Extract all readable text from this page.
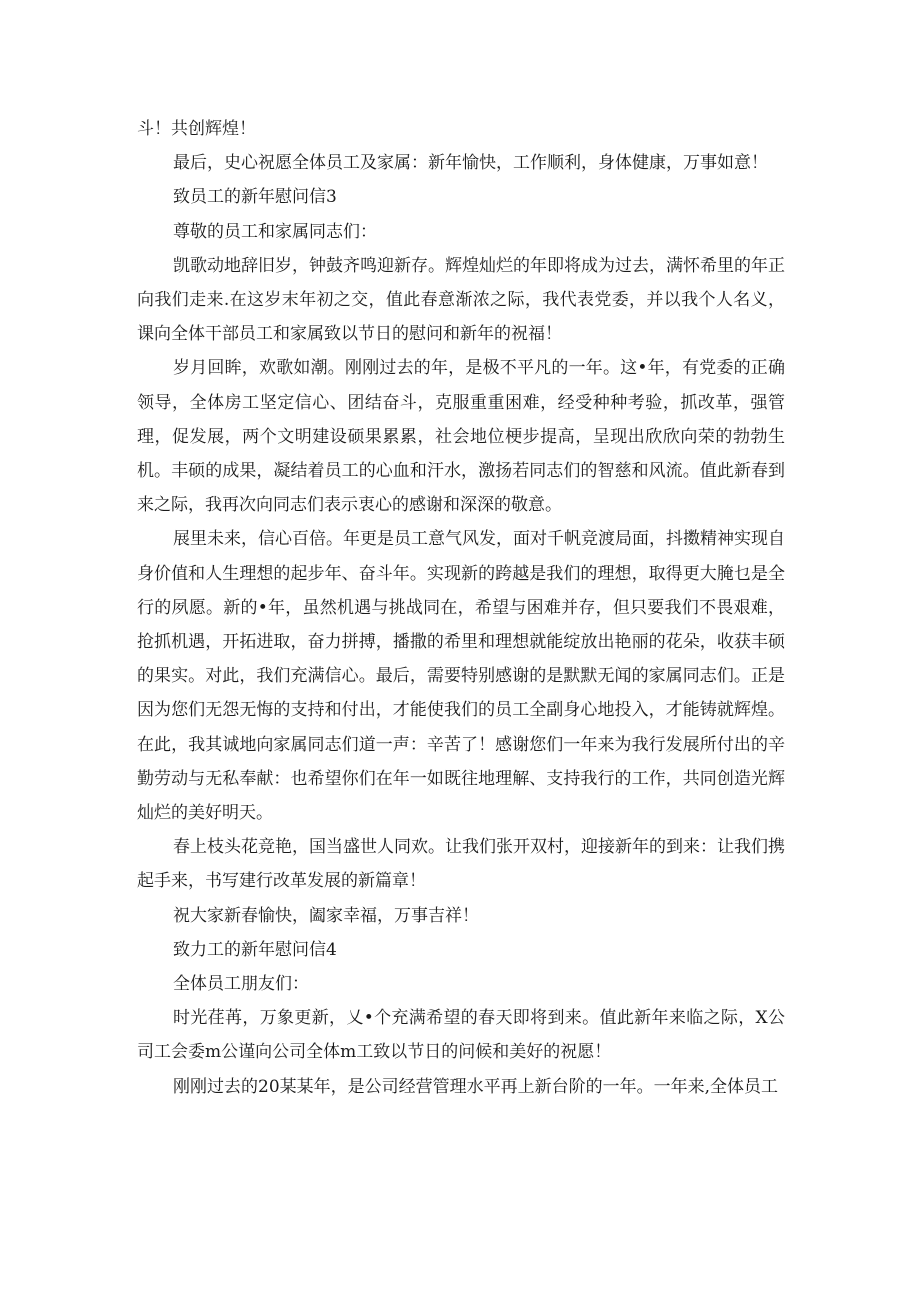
斗！共创辉煌！

最后，史心祝愿全体员工及家属：新年愉快，工作顺利，身体健康，万事如意！

致员工的新年慰问信3

尊敬的员工和家属同志们：

凯歌动地辞旧岁，钟鼓齐鸣迎新存。辉煌灿烂的年即将成为过去，满怀希里的年正向我们走来.在这岁末年初之交，值此春意渐浓之际，我代表党委，并以我个人名义，课向全体干部员工和家属致以节日的慰问和新年的祝福！

岁月回眸，欢歌如潮。刚刚过去的年，是极不平凡的一年。这•年，有党委的正确领导，全体房工坚定信心、团结奋斗，克服重重困难，经受种种考验，抓改革，强管理，促发展，两个文明建设硕果累累，社会地位梗步提高，呈现出欣欣向荣的勃勃生机。丰硕的成果，凝结着员工的心血和汗水，激扬若同志们的智慈和风流。值此新春到来之际，我再次向同志们表示衷心的感谢和深深的敬意。

展里未来，信心百倍。年更是员工意气风发，面对千帆竞渡局面，抖擞精神实现自身价值和人生理想的起步年、奋斗年。实现新的跨越是我们的理想，取得更大腌乜是全行的夙愿。新的•年，虽然机遇与挑战同在，希望与困难并存，但只要我们不畏艰难，抢抓机遇，开拓进取，奋力拼搏，播撒的希里和理想就能绽放出艳丽的花朵，收获丰硕的果实。对此，我们充满信心。最后，需要特别感谢的是默默无闻的家属同志们。正是因为您们无怨无悔的支持和付出，才能使我们的员工全副身心地投入，才能铸就辉煌。在此，我其诚地向家属同志们道一声：辛苦了！感谢您们一年来为我行发展所付出的辛勤劳动与无私奉献：也希望你们在年一如既往地理解、支持我行的工作，共同创造光辉灿烂的美好明天。

春上枝头花竞艳，国当盛世人同欢。让我们张开双村，迎接新年的到来：让我们携起手来，书写建行改革发展的新篇章！

祝大家新春愉快，阖家幸福，万事吉祥！

致力工的新年慰问信4

全体员工朋友们：

时光荏苒，万象更新，乂•个充满希望的春天即将到来。值此新年来临之际，X公司工会委m公谨向公司全体m工致以节日的问候和美好的祝愿！

刚刚过去的20某某年，是公司经营管理水平再上新台阶的一年。一年来,全体员工
